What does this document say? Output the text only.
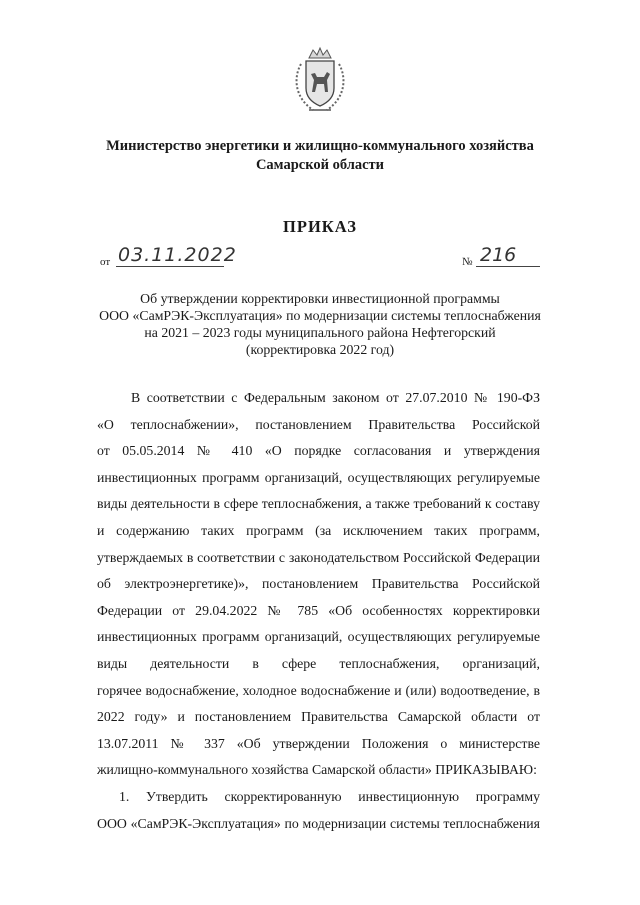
Министерство энергетики и жилищно-коммунального хозяйства
Самарской области
ПРИКАЗ
от 03.11.2022	№ 216
Об утверждении корректировки инвестиционной программы
ООО «СамРЭК-Эксплуатация» по модернизации системы теплоснабжения
на 2021 – 2023 годы муниципального района Нефтегорский
(корректировка 2022 год)
В соответствии с Федеральным законом от 27.07.2010 № 190-ФЗ
«О теплоснабжении», постановлением Правительства Российской
от 05.05.2014 № 410 «О порядке согласования и утверждения
инвестиционных программ организаций, осуществляющих регулируемые
виды деятельности в сфере теплоснабжения, а также требований к составу
и содержанию таких программ (за исключением таких программ,
утверждаемых в соответствии с законодательством Российской Федерации
об электроэнергетике)», постановлением Правительства Российской
Федерации от 29.04.2022 № 785 «Об особенностях корректировки
инвестиционных программ организаций, осуществляющих регулируемые
виды деятельности в сфере теплоснабжения, организаций,
горячее водоснабжение, холодное водоснабжение и (или) водоотведение, в
2022 году» и постановлением Правительства Самарской области от
13.07.2011 № 337 «Об утверждении Положения о министерстве
жилищно-коммунального хозяйства Самарской области» ПРИКАЗЫВАЮ:
1. Утвердить скорректированную инвестиционную программу
ООО «СамРЭК-Эксплуатация» по модернизации системы теплоснабжения
